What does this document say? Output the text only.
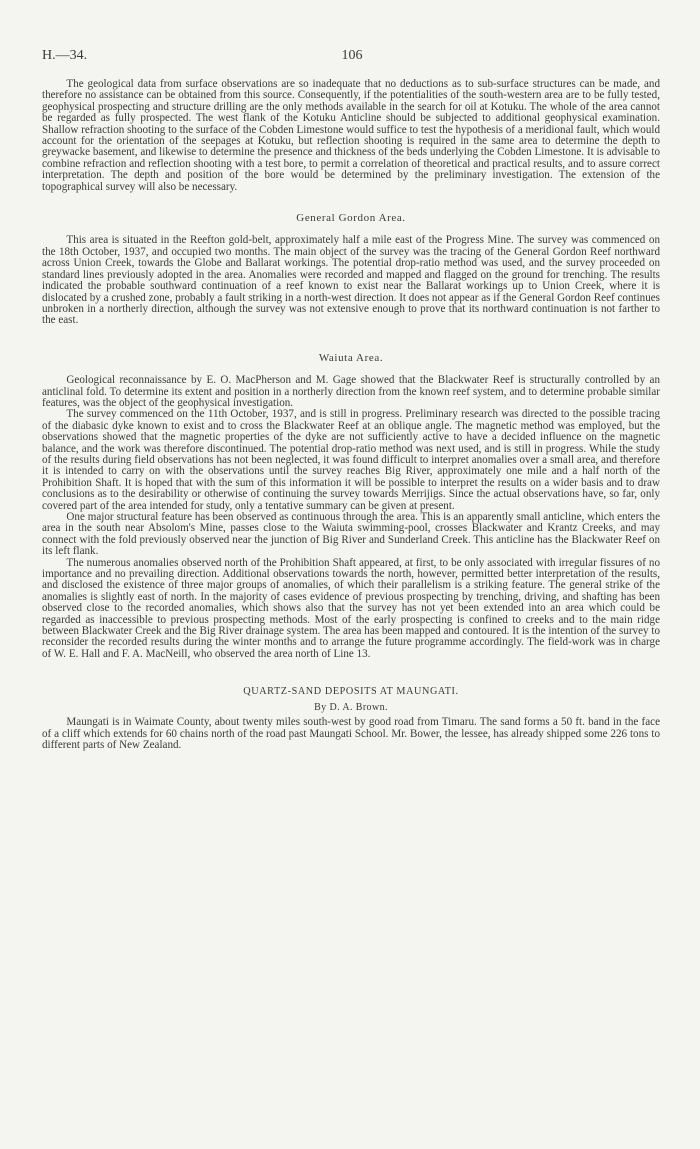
H.—34.	106

The geological data from surface observations are so inadequate that no deductions as to sub-surface structures can be made, and therefore no assistance can be obtained from this source. Consequently, if the potentialities of the south-western area are to be fully tested, geophysical prospecting and structure drilling are the only methods available in the search for oil at Kotuku. The whole of the area cannot be regarded as fully prospected. The west flank of the Kotuku Anticline should be subjected to additional geophysical examination. Shallow refraction shooting to the surface of the Cobden Limestone would suffice to test the hypothesis of a meridional fault, which would account for the orientation of the seepages at Kotuku, but reflection shooting is required in the same area to determine the depth to greywacke basement, and likewise to determine the presence and thickness of the beds underlying the Cobden Limestone. It is advisable to combine refraction and reflection shooting with a test bore, to permit a correlation of theoretical and practical results, and to assure correct interpretation. The depth and position of the bore would be determined by the preliminary investigation. The extension of the topographical survey will also be necessary.

General Gordon Area.

This area is situated in the Reefton gold-belt, approximately half a mile east of the Progress Mine. The survey was commenced on the 18th October, 1937, and occupied two months. The main object of the survey was the tracing of the General Gordon Reef northward across Union Creek, towards the Globe and Ballarat workings. The potential drop-ratio method was used, and the survey proceeded on standard lines previously adopted in the area. Anomalies were recorded and mapped and flagged on the ground for trenching. The results indicated the probable southward continuation of a reef known to exist near the Ballarat workings up to Union Creek, where it is dislocated by a crushed zone, probably a fault striking in a north-west direction. It does not appear as if the General Gordon Reef continues unbroken in a northerly direction, although the survey was not extensive enough to prove that its northward continuation is not farther to the east.

Waiuta Area.

Geological reconnaissance by E. O. MacPherson and M. Gage showed that the Blackwater Reef is structurally controlled by an anticlinal fold. To determine its extent and position in a northerly direction from the known reef system, and to determine probable similar features, was the object of the geophysical investigation.

The survey commenced on the 11th October, 1937, and is still in progress. Preliminary research was directed to the possible tracing of the diabasic dyke known to exist and to cross the Blackwater Reef at an oblique angle. The magnetic method was employed, but the observations showed that the magnetic properties of the dyke are not sufficiently active to have a decided influence on the magnetic balance, and the work was therefore discontinued. The potential drop-ratio method was next used, and is still in progress. While the study of the results during field observations has not been neglected, it was found difficult to interpret anomalies over a small area, and therefore it is intended to carry on with the observations until the survey reaches Big River, approximately one mile and a half north of the Prohibition Shaft. It is hoped that with the sum of this information it will be possible to interpret the results on a wider basis and to draw conclusions as to the desirability or otherwise of continuing the survey towards Merrijigs. Since the actual observations have, so far, only covered part of the area intended for study, only a tentative summary can be given at present.

One major structural feature has been observed as continuous through the area. This is an apparently small anticline, which enters the area in the south near Absolom's Mine, passes close to the Waiuta swimming-pool, crosses Blackwater and Krantz Creeks, and may connect with the fold previously observed near the junction of Big River and Sunderland Creek. This anticline has the Blackwater Reef on its left flank.

The numerous anomalies observed north of the Prohibition Shaft appeared, at first, to be only associated with irregular fissures of no importance and no prevailing direction. Additional observations towards the north, however, permitted better interpretation of the results, and disclosed the existence of three major groups of anomalies, of which their parallelism is a striking feature. The general strike of the anomalies is slightly east of north. In the majority of cases evidence of previous prospecting by trenching, driving, and shafting has been observed close to the recorded anomalies, which shows also that the survey has not yet been extended into an area which could be regarded as inaccessible to previous prospecting methods. Most of the early prospecting is confined to creeks and to the main ridge between Blackwater Creek and the Big River drainage system. The area has been mapped and contoured. It is the intention of the survey to reconsider the recorded results during the winter months and to arrange the future programme accordingly. The field-work was in charge of W. E. Hall and F. A. MacNeill, who observed the area north of Line 13.

QUARTZ-SAND DEPOSITS AT MAUNGATI.
By D. A. Brown.

Maungati is in Waimate County, about twenty miles south-west by good road from Timaru. The sand forms a 50 ft. band in the face of a cliff which extends for 60 chains north of the road past Maungati School. Mr. Bower, the lessee, has already shipped some 226 tons to different parts of New Zealand.
